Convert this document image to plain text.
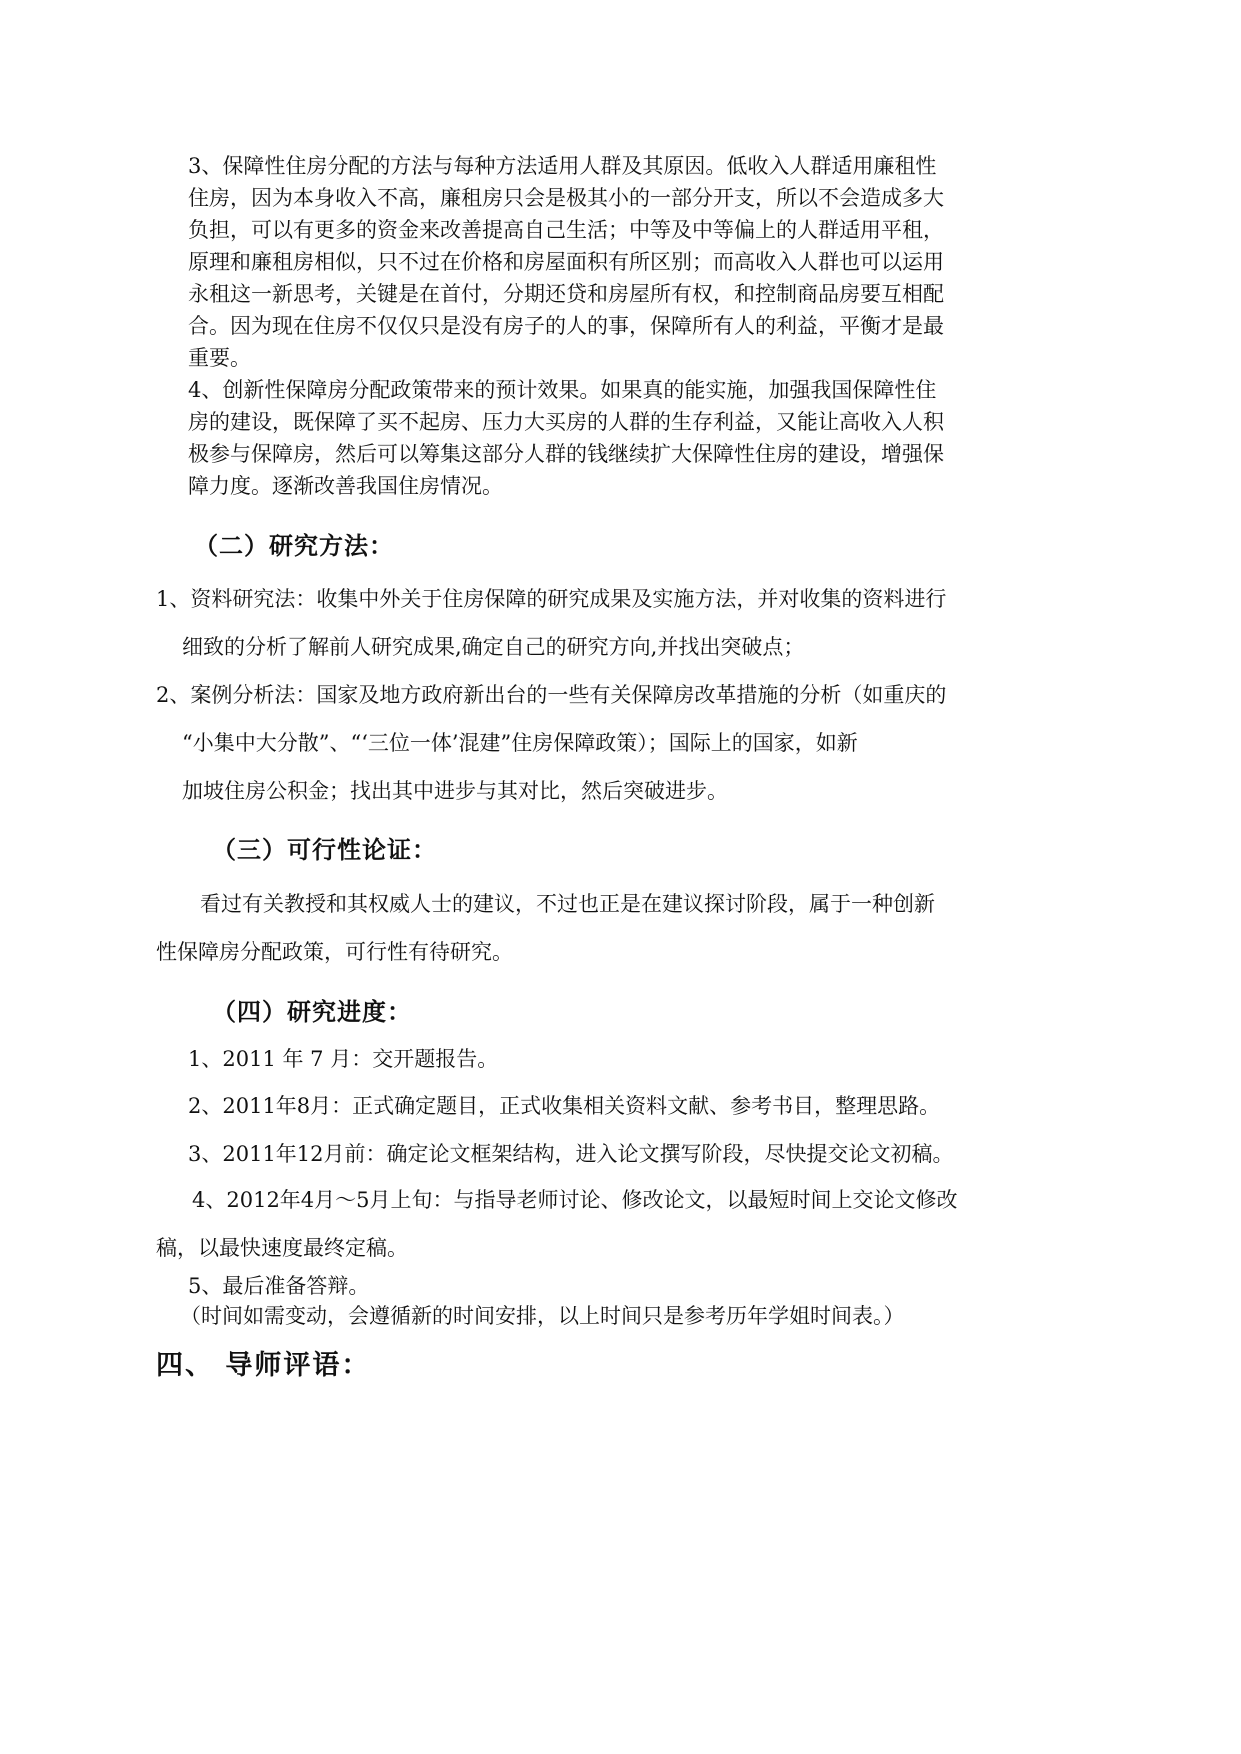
3、保障性住房分配的方法与每种方法适用人群及其原因。低收入人群适用廉租性
住房，因为本身收入不高，廉租房只会是极其小的一部分开支，所以不会造成多大
负担，可以有更多的资金来改善提高自己生活；中等及中等偏上的人群适用平租，
原理和廉租房相似，只不过在价格和房屋面积有所区别；而高收入人群也可以运用
永租这一新思考，关键是在首付，分期还贷和房屋所有权，和控制商品房要互相配
合。因为现在住房不仅仅只是没有房子的人的事，保障所有人的利益，平衡才是最
重要。
4、创新性保障房分配政策带来的预计效果。如果真的能实施，加强我国保障性住
房的建设，既保障了买不起房、压力大买房的人群的生存利益，又能让高收入人积
极参与保障房，然后可以筹集这部分人群的钱继续扩大保障性住房的建设，增强保
障力度。逐渐改善我国住房情况。
（二）研究方法：
1、资料研究法：收集中外关于住房保障的研究成果及实施方法，并对收集的资料进行
细致的分析了解前人研究成果,确定自己的研究方向,并找出突破点；
2、案例分析法：国家及地方政府新出台的一些有关保障房改革措施的分析（如重庆的
“小集中大分散”、“‘三位一体’混建”住房保障政策）；国际上的国家，如新
加坡住房公积金；找出其中进步与其对比，然后突破进步。
（三）可行性论证：
看过有关教授和其权威人士的建议，不过也正是在建议探讨阶段，属于一种创新
性保障房分配政策，可行性有待研究。
（四）研究进度：
1、2011 年 7 月：交开题报告。
2、2011年8月：正式确定题目，正式收集相关资料文献、参考书目，整理思路。
3、2011年12月前：确定论文框架结构，进入论文撰写阶段，尽快提交论文初稿。
4、2012年4月～5月上旬：与指导老师讨论、修改论文，以最短时间上交论文修改
稿，以最快速度最终定稿。
5、最后准备答辩。
（时间如需变动，会遵循新的时间安排，以上时间只是参考历年学姐时间表。）
四、 导师评语：
